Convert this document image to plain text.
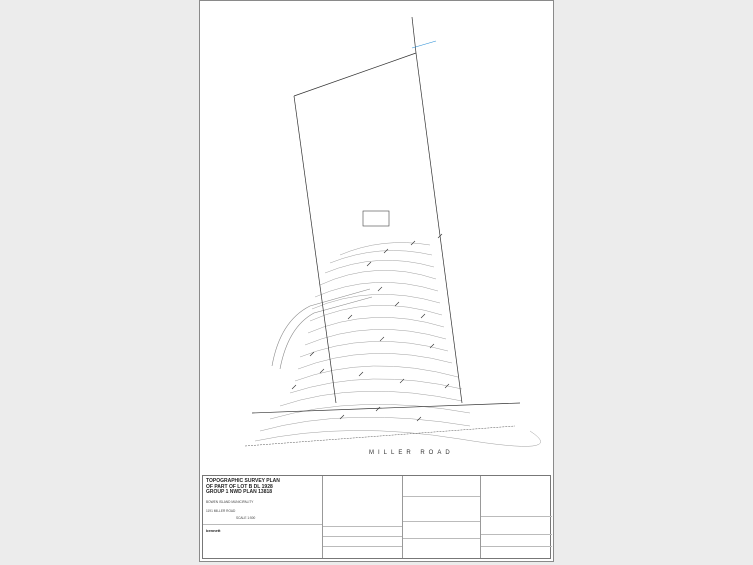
MILLER ROAD
TOPOGRAPHIC SURVEY PLAN
OF PART OF LOT B DL 1928
GROUP 1 NWD PLAN 13818
BOWEN ISLAND MUNICIPALITY
1191 MILLER ROAD
bennett
SCALE 1:500
